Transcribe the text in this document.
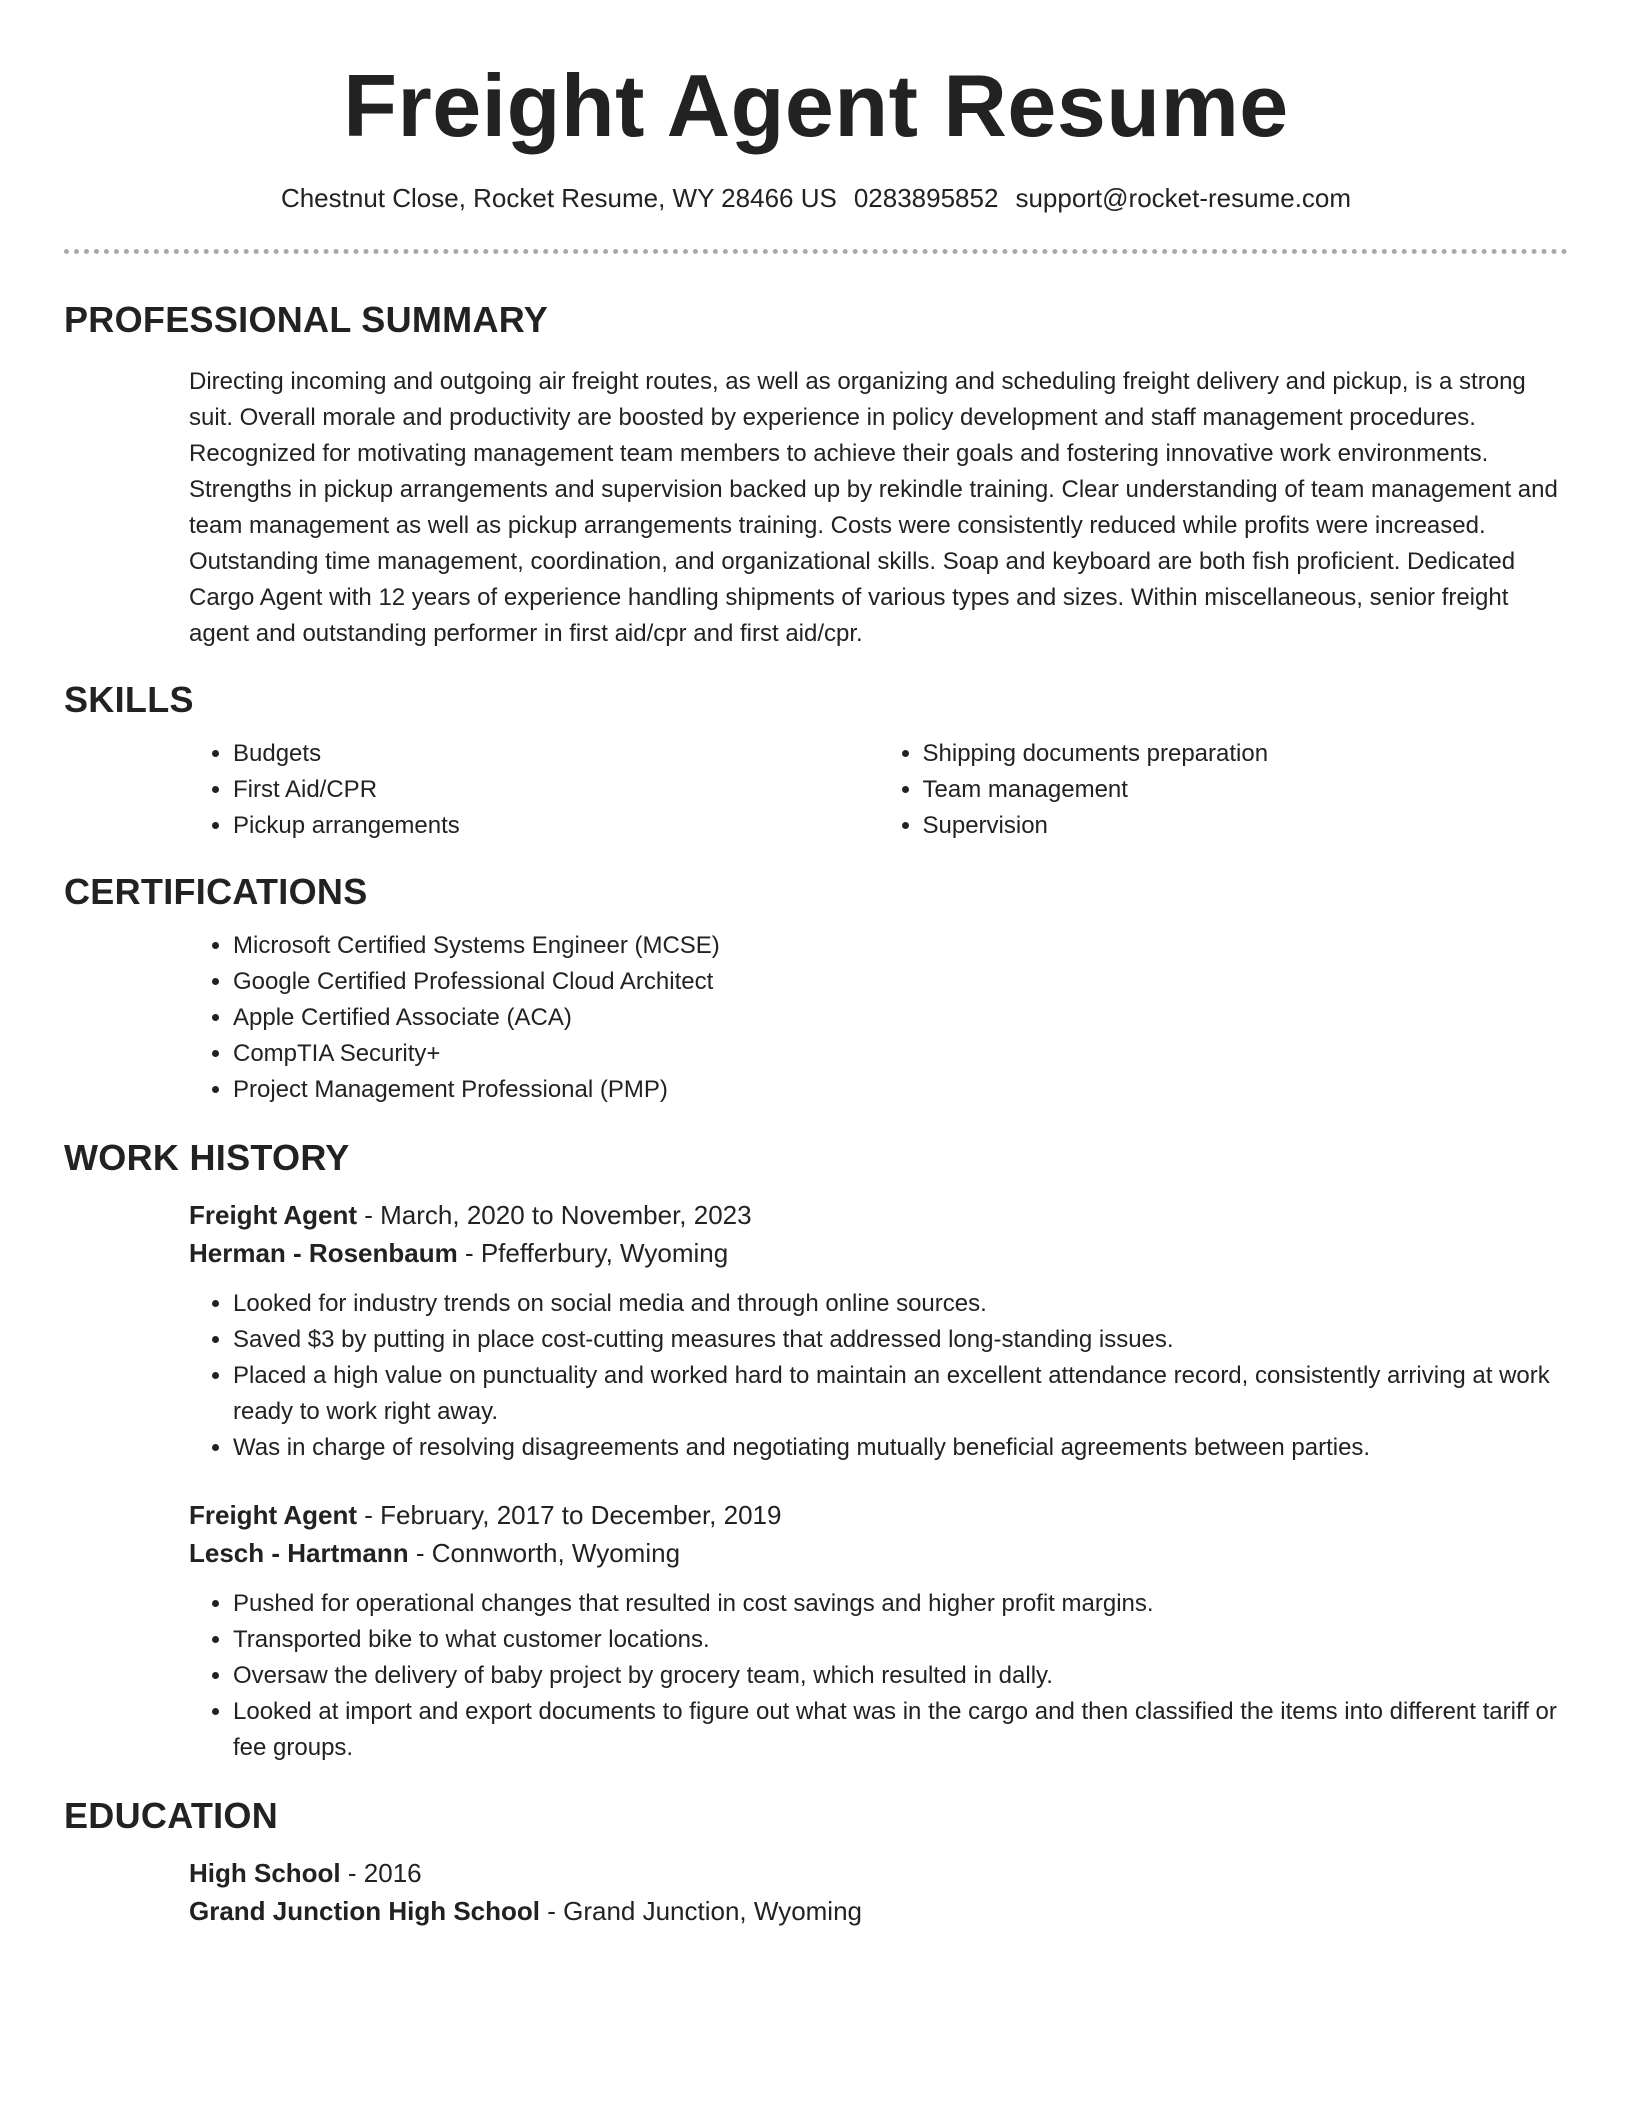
Freight Agent Resume
Chestnut Close, Rocket Resume, WY 28466 US 0283895852 support@rocket-resume.com
PROFESSIONAL SUMMARY

Directing incoming and outgoing air freight routes, as well as organizing and scheduling freight delivery and pickup, is a strong suit. Overall morale and productivity are boosted by experience in policy development and staff management procedures. Recognized for motivating management team members to achieve their goals and fostering innovative work environments. Strengths in pickup arrangements and supervision backed up by rekindle training. Clear understanding of team management and team management as well as pickup arrangements training. Costs were consistently reduced while profits were increased. Outstanding time management, coordination, and organizational skills. Soap and keyboard are both fish proficient. Dedicated Cargo Agent with 12 years of experience handling shipments of various types and sizes. Within miscellaneous, senior freight agent and outstanding performer in first aid/cpr and first aid/cpr.

SKILLS
• Budgets
• First Aid/CPR
• Pickup arrangements
• Shipping documents preparation
• Team management
• Supervision
CERTIFICATIONS
• Microsoft Certified Systems Engineer (MCSE)
• Google Certified Professional Cloud Architect
• Apple Certified Associate (ACA)
• CompTIA Security+
• Project Management Professional (PMP)
WORK HISTORY
Freight Agent - March, 2020 to November, 2023
Herman - Rosenbaum - Pfefferbury, Wyoming
• Looked for industry trends on social media and through online sources.
• Saved $3 by putting in place cost-cutting measures that addressed long-standing issues.
• Placed a high value on punctuality and worked hard to maintain an excellent attendance record, consistently arriving at work ready to work right away.
• Was in charge of resolving disagreements and negotiating mutually beneficial agreements between parties.
Freight Agent - February, 2017 to December, 2019
Lesch - Hartmann - Connworth, Wyoming
• Pushed for operational changes that resulted in cost savings and higher profit margins.
• Transported bike to what customer locations.
• Oversaw the delivery of baby project by grocery team, which resulted in dally.
• Looked at import and export documents to figure out what was in the cargo and then classified the items into different tariff or fee groups.
EDUCATION
High School - 2016
Grand Junction High School - Grand Junction, Wyoming
